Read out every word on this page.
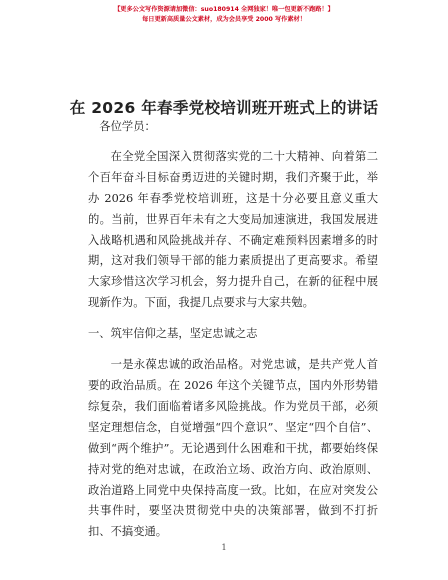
【更多公文写作资源请加微信：suo180914 全网独家！唯一包更新不跑路！】
每日更新高质量公文素材，成为会员享受 2000 写作素材！
在 2026 年春季党校培训班开班式上的讲话

各位学员：

在全党全国深入贯彻落实党的二十大精神、向着第二个百年奋斗目标奋勇迈进的关键时期，我们齐聚于此，举办 2026 年春季党校培训班，这是十分必要且意义重大的。当前，世界百年未有之大变局加速演进，我国发展进入战略机遇和风险挑战并存、不确定难预料因素增多的时期，这对我们领导干部的能力素质提出了更高要求。希望大家珍惜这次学习机会，努力提升自己，在新的征程中展现新作为。下面，我提几点要求与大家共勉。

一、筑牢信仰之基，坚定忠诚之志

一是永葆忠诚的政治品格。对党忠诚，是共产党人首要的政治品质。在 2026 年这个关键节点，国内外形势错综复杂，我们面临着诸多风险挑战。作为党员干部，必须坚定理想信念，自觉增强“四个意识”、坚定“四个自信”、做到“两个维护”。无论遇到什么困难和干扰，都要始终保持对党的绝对忠诚，在政治立场、政治方向、政治原则、政治道路上同党中央保持高度一致。比如，在应对突发公共事件时，要坚决贯彻党中央的决策部署，做到不打折扣、不搞变通。

1
